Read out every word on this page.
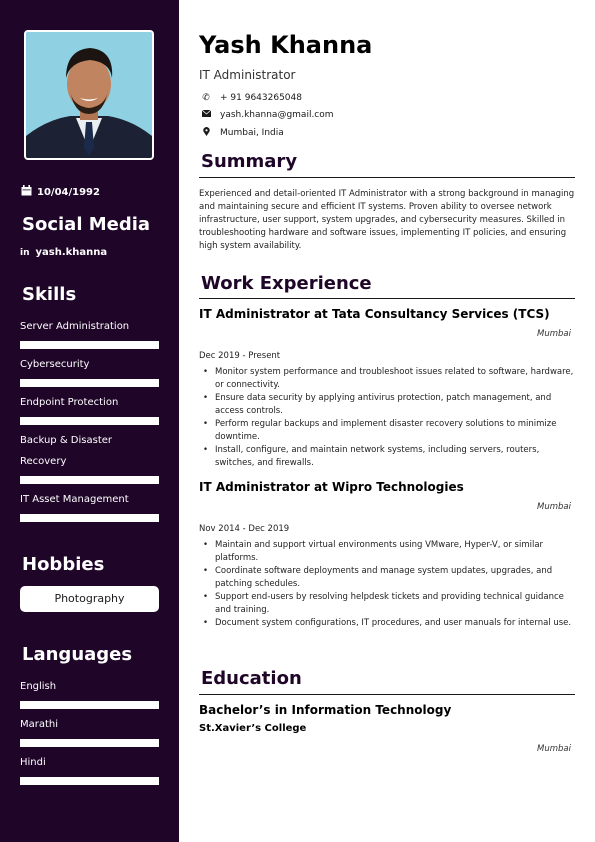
10/04/1992
Social Media
in yash.khanna
Skills
Server Administration
Cybersecurity
Endpoint Protection
Backup & Disaster Recovery
IT Asset Management
Hobbies
Photography
Languages
English
Marathi
Hindi
Yash Khanna
IT Administrator
✆ + 91 9643265048
yash.khanna@gmail.com
Mumbai, India
Summary
Experienced and detail-oriented IT Administrator with a strong background in managing and maintaining secure and efficient IT systems. Proven ability to oversee network infrastructure, user support, system upgrades, and cybersecurity measures. Skilled in troubleshooting hardware and software issues, implementing IT policies, and ensuring high system availability.
Work Experience
IT Administrator at Tata Consultancy Services (TCS)
Mumbai
Dec 2019 - Present
• Monitor system performance and troubleshoot issues related to software, hardware, or connectivity.
• Ensure data security by applying antivirus protection, patch management, and access controls.
• Perform regular backups and implement disaster recovery solutions to minimize downtime.
• Install, configure, and maintain network systems, including servers, routers, switches, and firewalls.
IT Administrator at Wipro Technologies
Mumbai
Nov 2014 - Dec 2019
• Maintain and support virtual environments using VMware, Hyper-V, or similar platforms.
• Coordinate software deployments and manage system updates, upgrades, and patching schedules.
• Support end-users by resolving helpdesk tickets and providing technical guidance and training.
• Document system configurations, IT procedures, and user manuals for internal use.
Education
Bachelor’s in Information Technology
St.Xavier’s College
Mumbai
